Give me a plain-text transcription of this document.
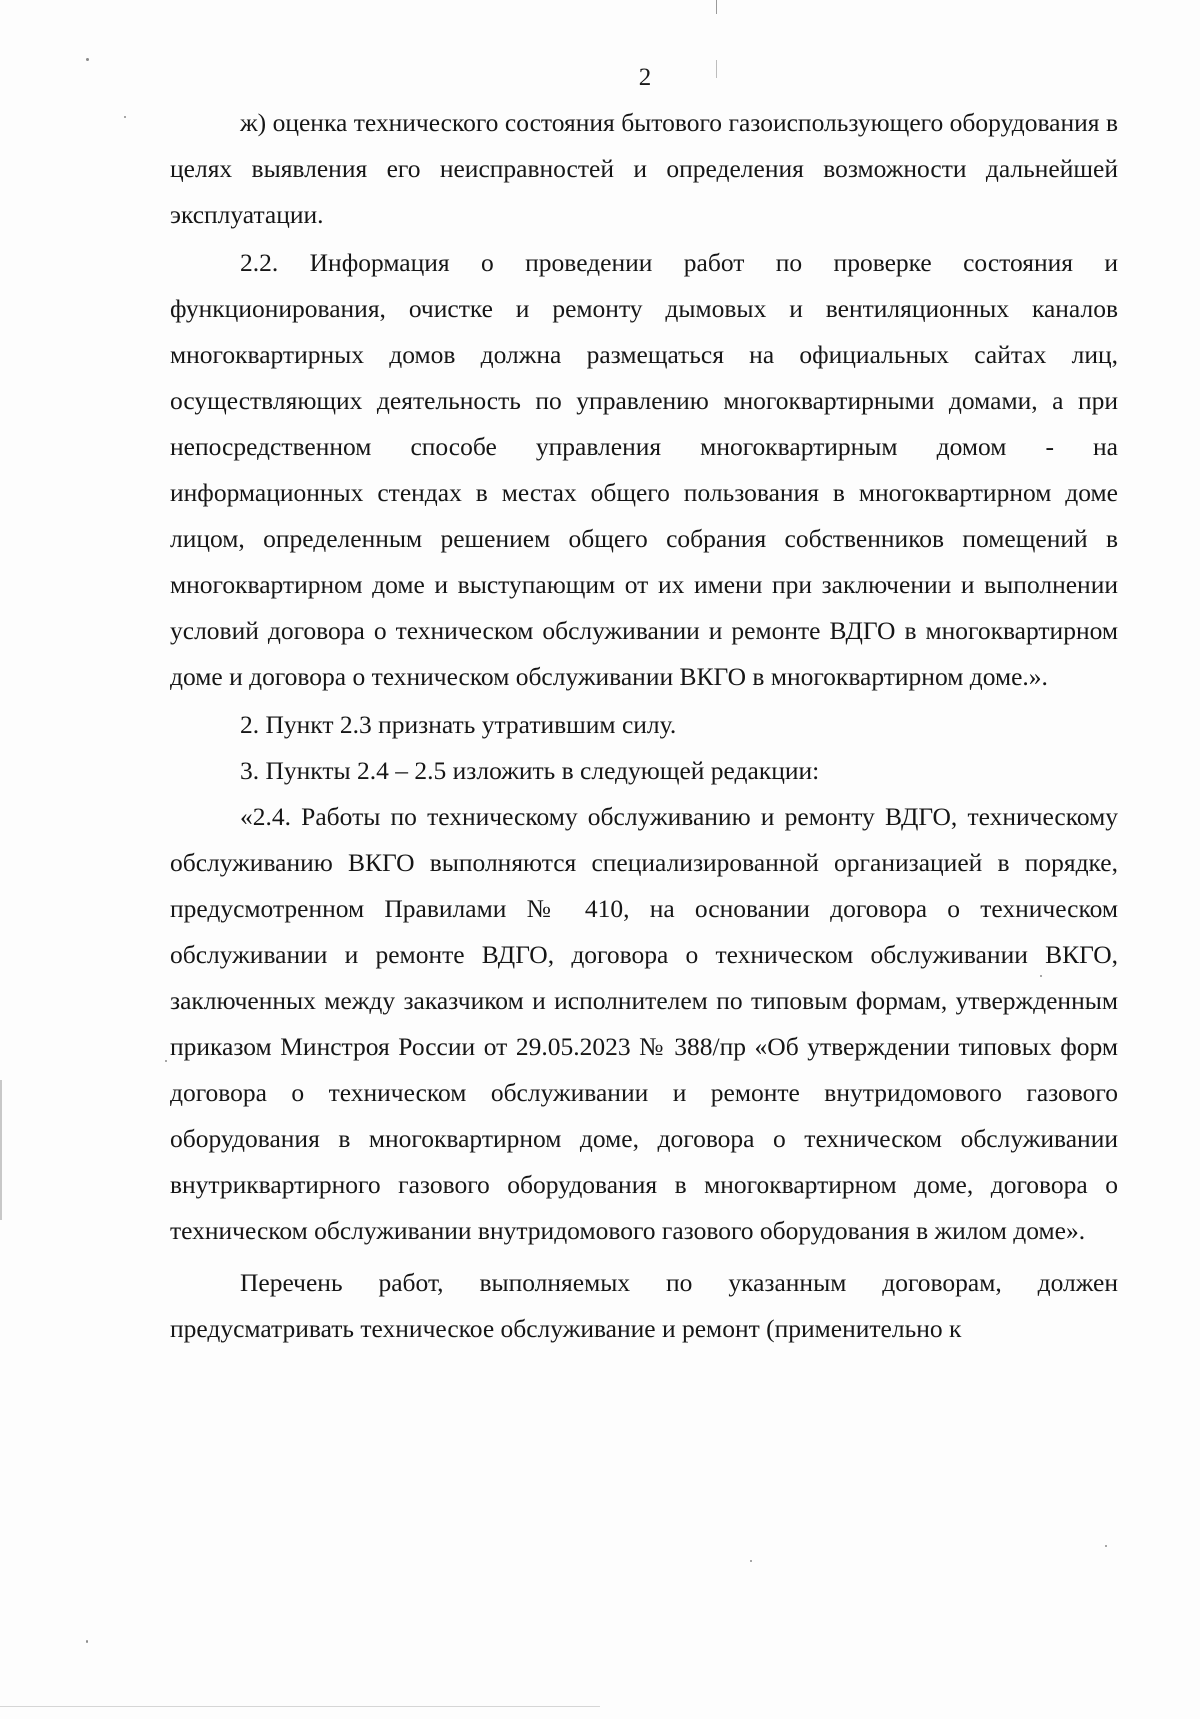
2

ж) оценка технического состояния бытового газоиспользующего оборудования в целях выявления его неисправностей и определения возможности дальнейшей эксплуатации.

2.2. Информация о проведении работ по проверке состояния и функционирования, очистке и ремонту дымовых и вентиляционных каналов многоквартирных домов должна размещаться на официальных сайтах лиц, осуществляющих деятельность по управлению многоквартирными домами, а при непосредственном способе управления многоквартирным домом - на информационных стендах в местах общего пользования в многоквартирном доме лицом, определенным решением общего собрания собственников помещений в многоквартирном доме и выступающим от их имени при заключении и выполнении условий договора о техническом обслуживании и ремонте ВДГО в многоквартирном доме и договора о техническом обслуживании ВКГО в многоквартирном доме.».

2. Пункт 2.3 признать утратившим силу.

3. Пункты 2.4 – 2.5 изложить в следующей редакции:

«2.4. Работы по техническому обслуживанию и ремонту ВДГО, техническому обслуживанию ВКГО выполняются специализированной организацией в порядке, предусмотренном Правилами № 410, на основании договора о техническом обслуживании и ремонте ВДГО, договора о техническом обслуживании ВКГО, заключенных между заказчиком и исполнителем по типовым формам, утвержденным приказом Минстроя России от 29.05.2023 № 388/пр «Об утверждении типовых форм договора о техническом обслуживании и ремонте внутридомового газового оборудования в многоквартирном доме, договора о техническом обслуживании внутриквартирного газового оборудования в многоквартирном доме, договора о техническом обслуживании внутридомового газового оборудования в жилом доме».

Перечень работ, выполняемых по указанным договорам, должен предусматривать техническое обслуживание и ремонт (применительно к
